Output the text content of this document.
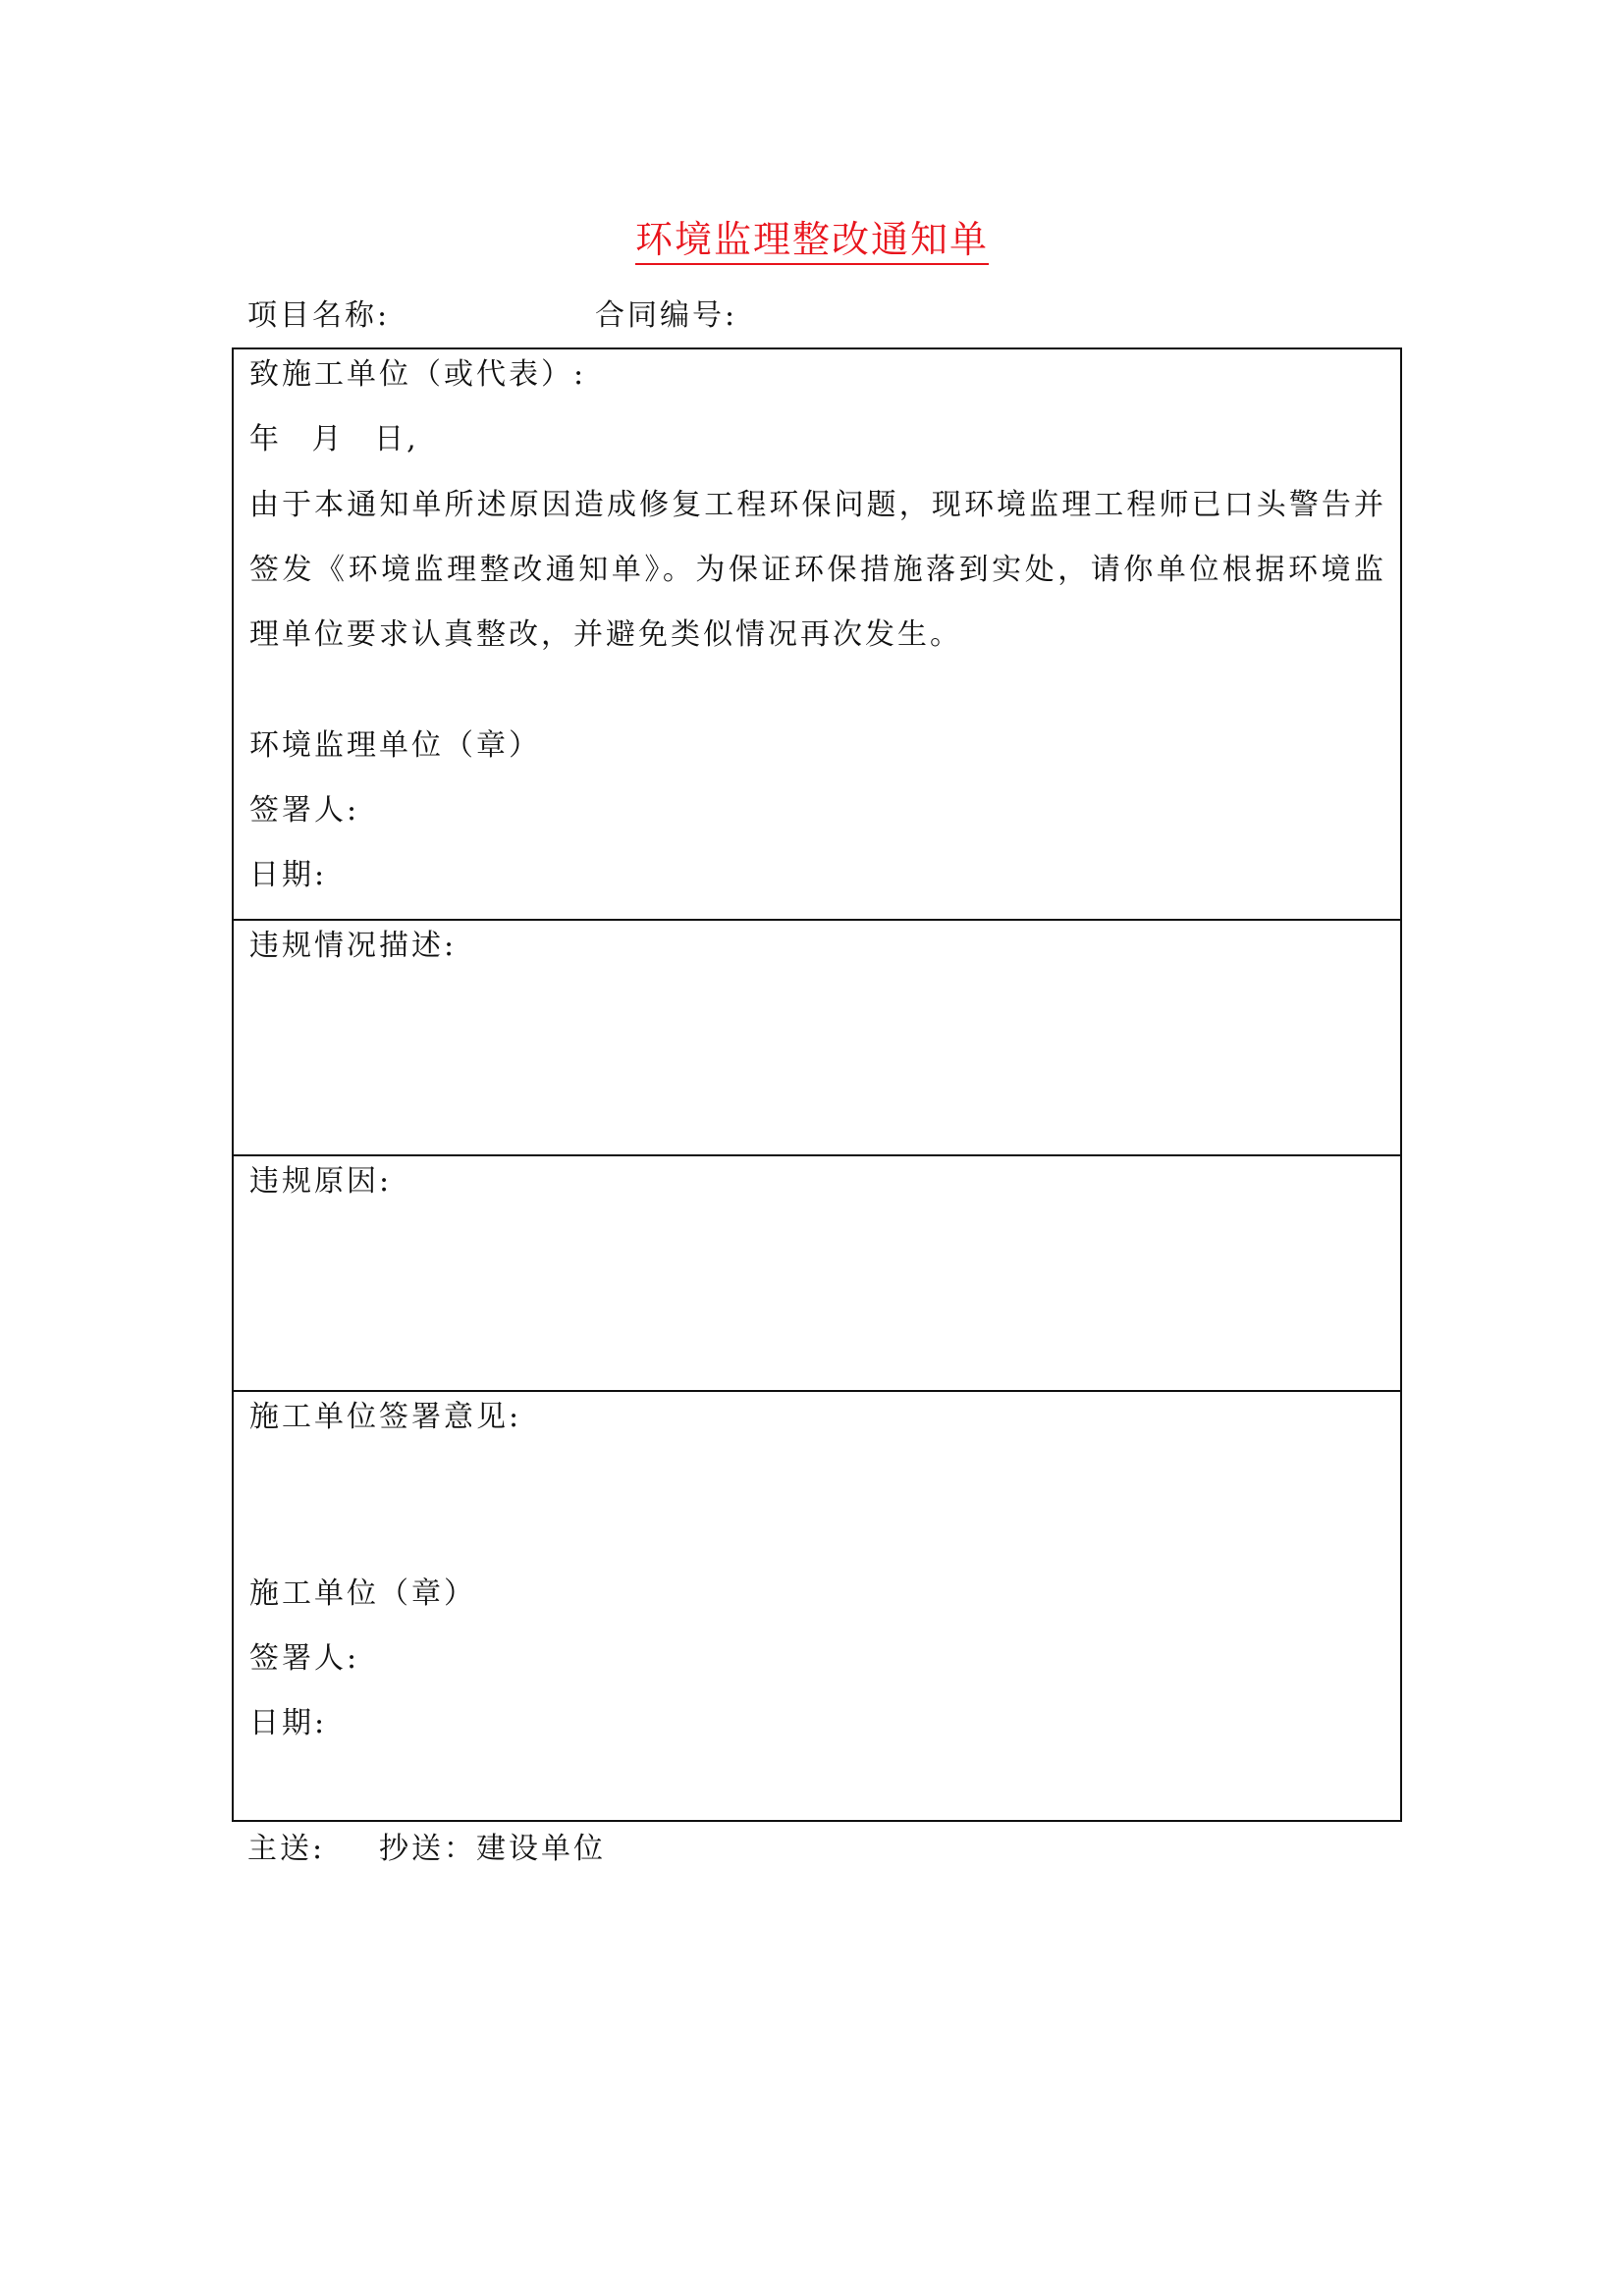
环境监理整改通知单
项目名称:	合同编号:
致施工单位（或代表）:
年 月 日,
由于本通知单所述原因造成修复工程环保问题，现环境监理工程师已口头警告并签发《环境监理整改通知单》。为保证环保措施落到实处，请你单位根据环境监理单位要求认真整改，并避免类似情况再次发生。
环境监理单位（章）
签署人:
日期:
违规情况描述:
违规原因:
施工单位签署意见:
施工单位（章）
签署人:
日期:
主送: 抄送：建设单位
